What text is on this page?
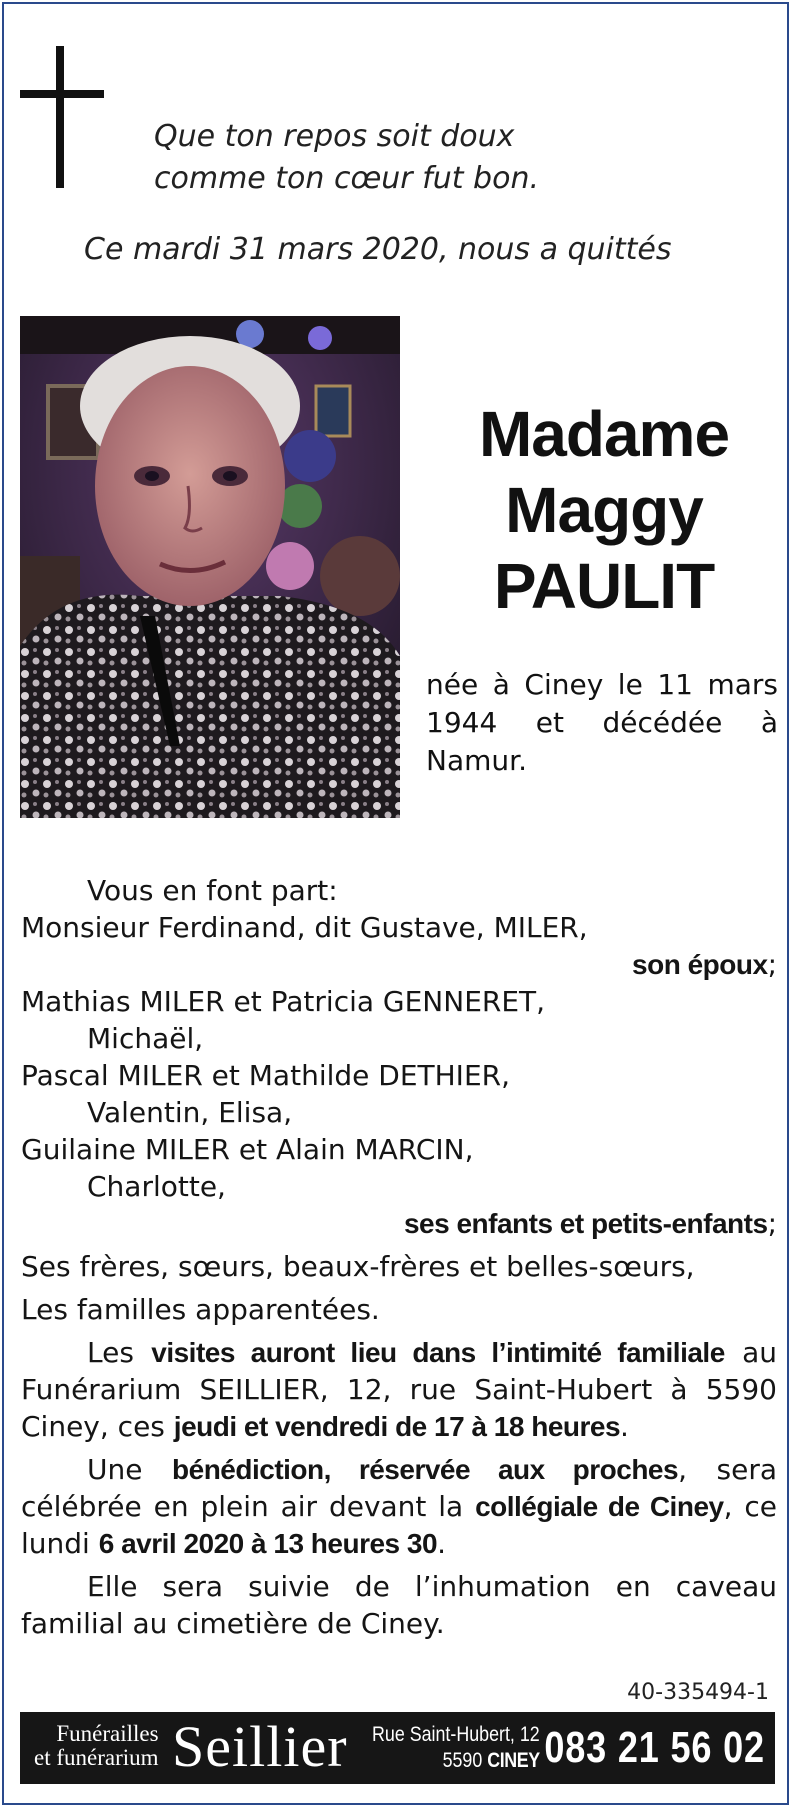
Que ton repos soit doux
comme ton cœur fut bon.
Ce mardi 31 mars 2020, nous a quittés
Madame
Maggy
PAULIT
née à Ciney le 11 mars 1944 et décédée à Namur.

Vous en font part:

Monsieur Ferdinand, dit Gustave, MILER,

son époux;

Mathias MILER et Patricia GENNERET,

Michaël,

Pascal MILER et Mathilde DETHIER,

Valentin, Elisa,

Guilaine MILER et Alain MARCIN,

Charlotte,

ses enfants et petits-enfants;

Ses frères, sœurs, beaux-frères et belles-sœurs,

Les familles apparentées.

Les visites auront lieu dans l’intimité familiale au Funérarium SEILLIER, 12, rue Saint-Hubert à 5590 Ciney, ces jeudi et vendredi de 17 à 18 heures.

Une bénédiction, réservée aux proches, sera célébrée en plein air devant la collégiale de Ciney, ce lundi 6 avril 2020 à 13 heures 30.

Elle sera suivie de l’inhumation en caveau familial au cimetière de Ciney.

40-335494-1
Funérailles
et funérarium Seillier Rue Saint-Hubert, 12
5590 CINEY 083 21 56 02
